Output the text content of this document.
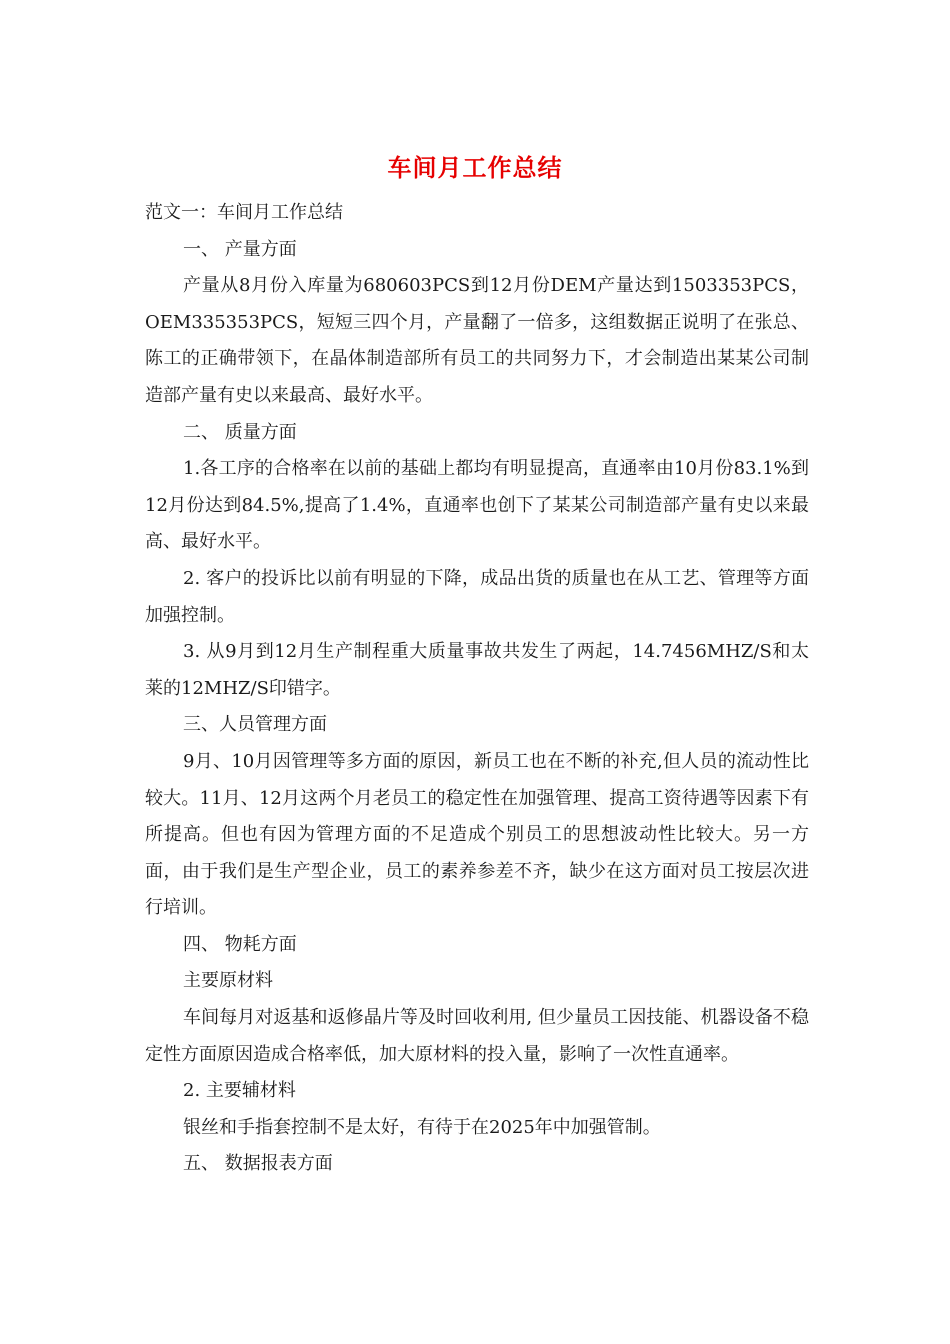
车间月工作总结

范文一：车间月工作总结

一、 产量方面

产量从8月份入库量为680603PCS到12月份DEM产量达到1503353PCS，OEM335353PCS，短短三四个月，产量翻了一倍多，这组数据正说明了在张总、陈工的正确带领下，在晶体制造部所有员工的共同努力下，才会制造出某某公司制造部产量有史以来最高、最好水平。

二、 质量方面

1.各工序的合格率在以前的基础上都均有明显提高，直通率由10月份83.1%到12月份达到84.5%,提高了1.4%，直通率也创下了某某公司制造部产量有史以来最高、最好水平。

2. 客户的投诉比以前有明显的下降，成品出货的质量也在从工艺、管理等方面加强控制。

3. 从9月到12月生产制程重大质量事故共发生了两起，14.7456MHZ/S和太莱的12MHZ/S印错字。

三、人员管理方面

9月、10月因管理等多方面的原因，新员工也在不断的补充,但人员的流动性比较大。11月、12月这两个月老员工的稳定性在加强管理、提高工资待遇等因素下有所提高。但也有因为管理方面的不足造成个别员工的思想波动性比较大。另一方面，由于我们是生产型企业，员工的素养参差不齐，缺少在这方面对员工按层次进行培训。

四、 物耗方面

主要原材料

车间每月对返基和返修晶片等及时回收利用, 但少量员工因技能、机器设备不稳定性方面原因造成合格率低，加大原材料的投入量，影响了一次性直通率。

2. 主要辅材料

银丝和手指套控制不是太好，有待于在2025年中加强管制。

五、 数据报表方面
